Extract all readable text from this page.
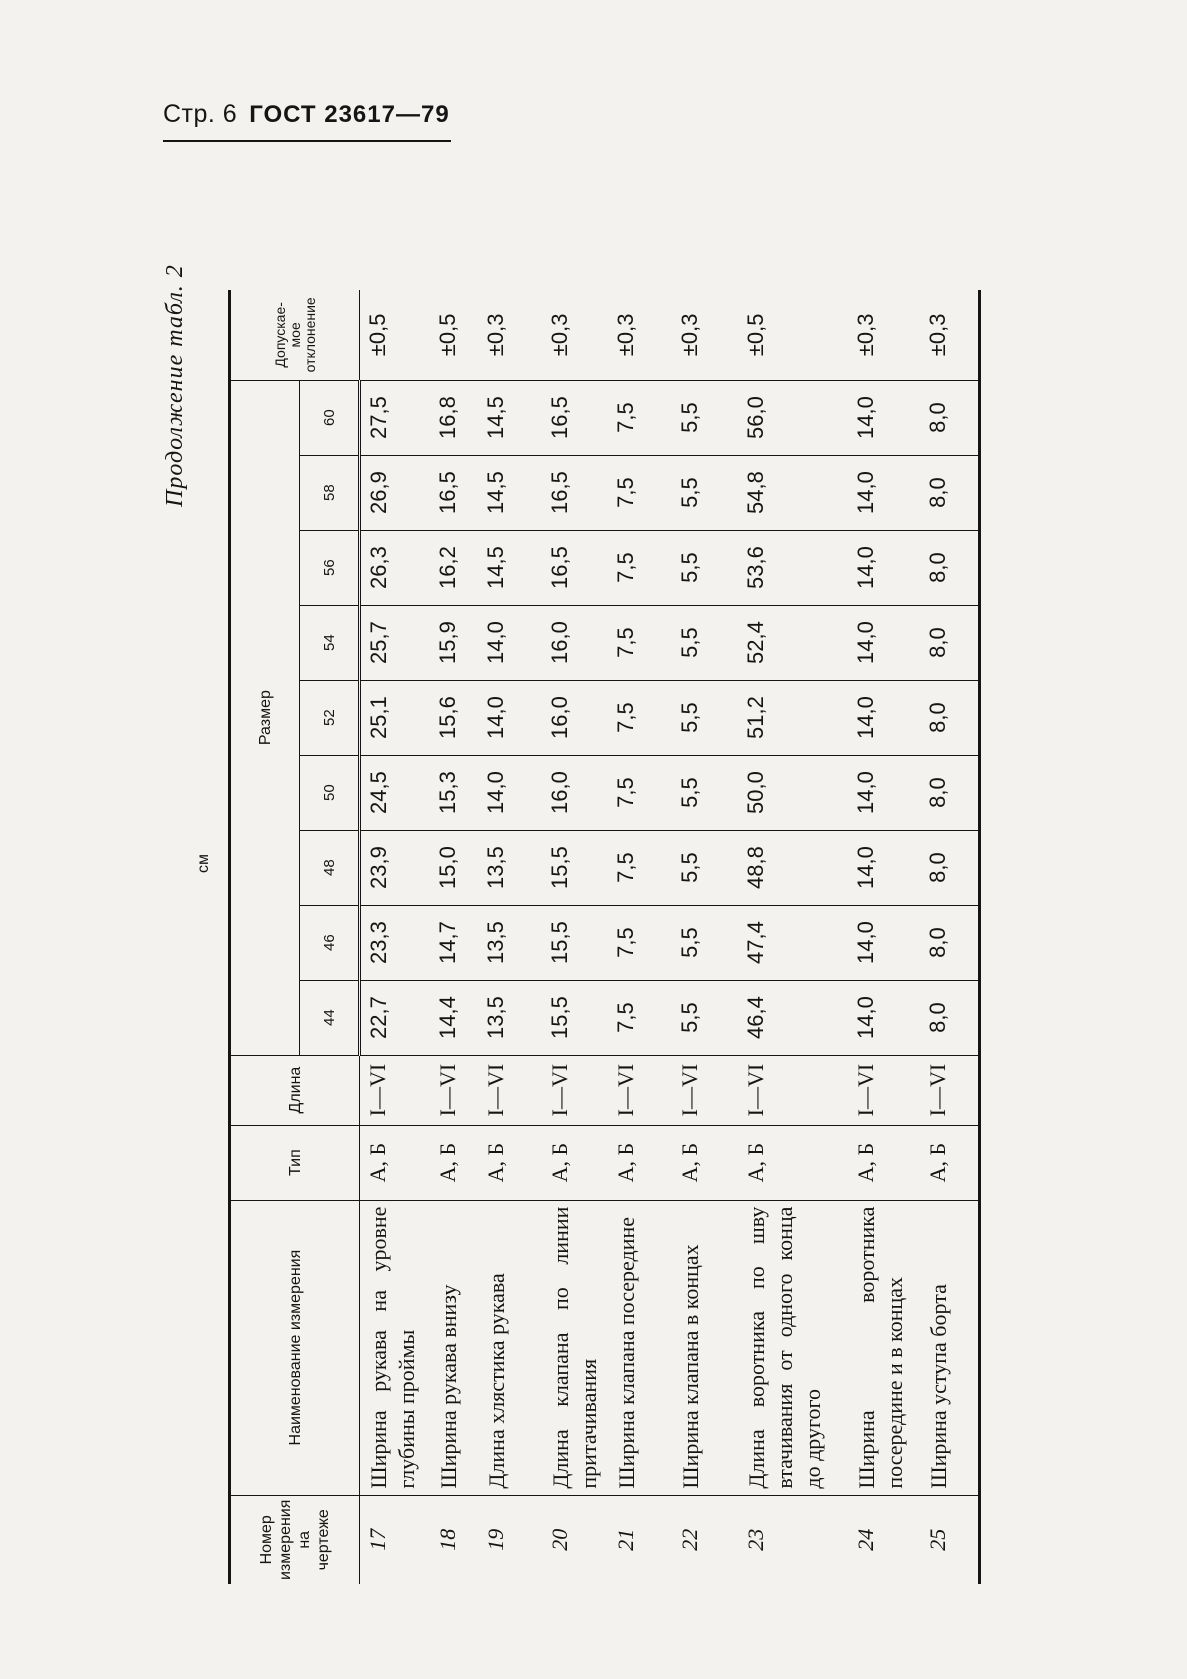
Стр. 6 ГОСТ 23617—79
Продолжение табл. 2
см
Номер измерения на чертеже	Наименование измерения	Тип	Длина	Размер									Допускае-мое отклонение
				44	46	48	50	52	54	56	58	60	
17	Ширина рукава на уровне глубины проймы	А, Б	I—VI	22,7	23,3	23,9	24,5	25,1	25,7	26,3	26,9	27,5	±0,5
18	Ширина рукава внизу	А, Б	I—VI	14,4	14,7	15,0	15,3	15,6	15,9	16,2	16,5	16,8	±0,5
19	Длина хлястика рукава	А, Б	I—VI	13,5	13,5	13,5	14,0	14,0	14,0	14,5	14,5	14,5	±0,3
20	Длина клапана по линии притачивания	А, Б	I—VI	15,5	15,5	15,5	16,0	16,0	16,0	16,5	16,5	16,5	±0,3
21	Ширина клапана посередине	А, Б	I—VI	7,5	7,5	7,5	7,5	7,5	7,5	7,5	7,5	7,5	±0,3
22	Ширина клапана в концах	А, Б	I—VI	5,5	5,5	5,5	5,5	5,5	5,5	5,5	5,5	5,5	±0,3
23	Длина воротника по шву втачивания от одного конца до другого	А, Б	I—VI	46,4	47,4	48,8	50,0	51,2	52,4	53,6	54,8	56,0	±0,5
24	Ширина воротника посередине и в концах	А, Б	I—VI	14,0	14,0	14,0	14,0	14,0	14,0	14,0	14,0	14,0	±0,3
25	Ширина уступа борта	А, Б	I—VI	8,0	8,0	8,0	8,0	8,0	8,0	8,0	8,0	8,0	±0,3
